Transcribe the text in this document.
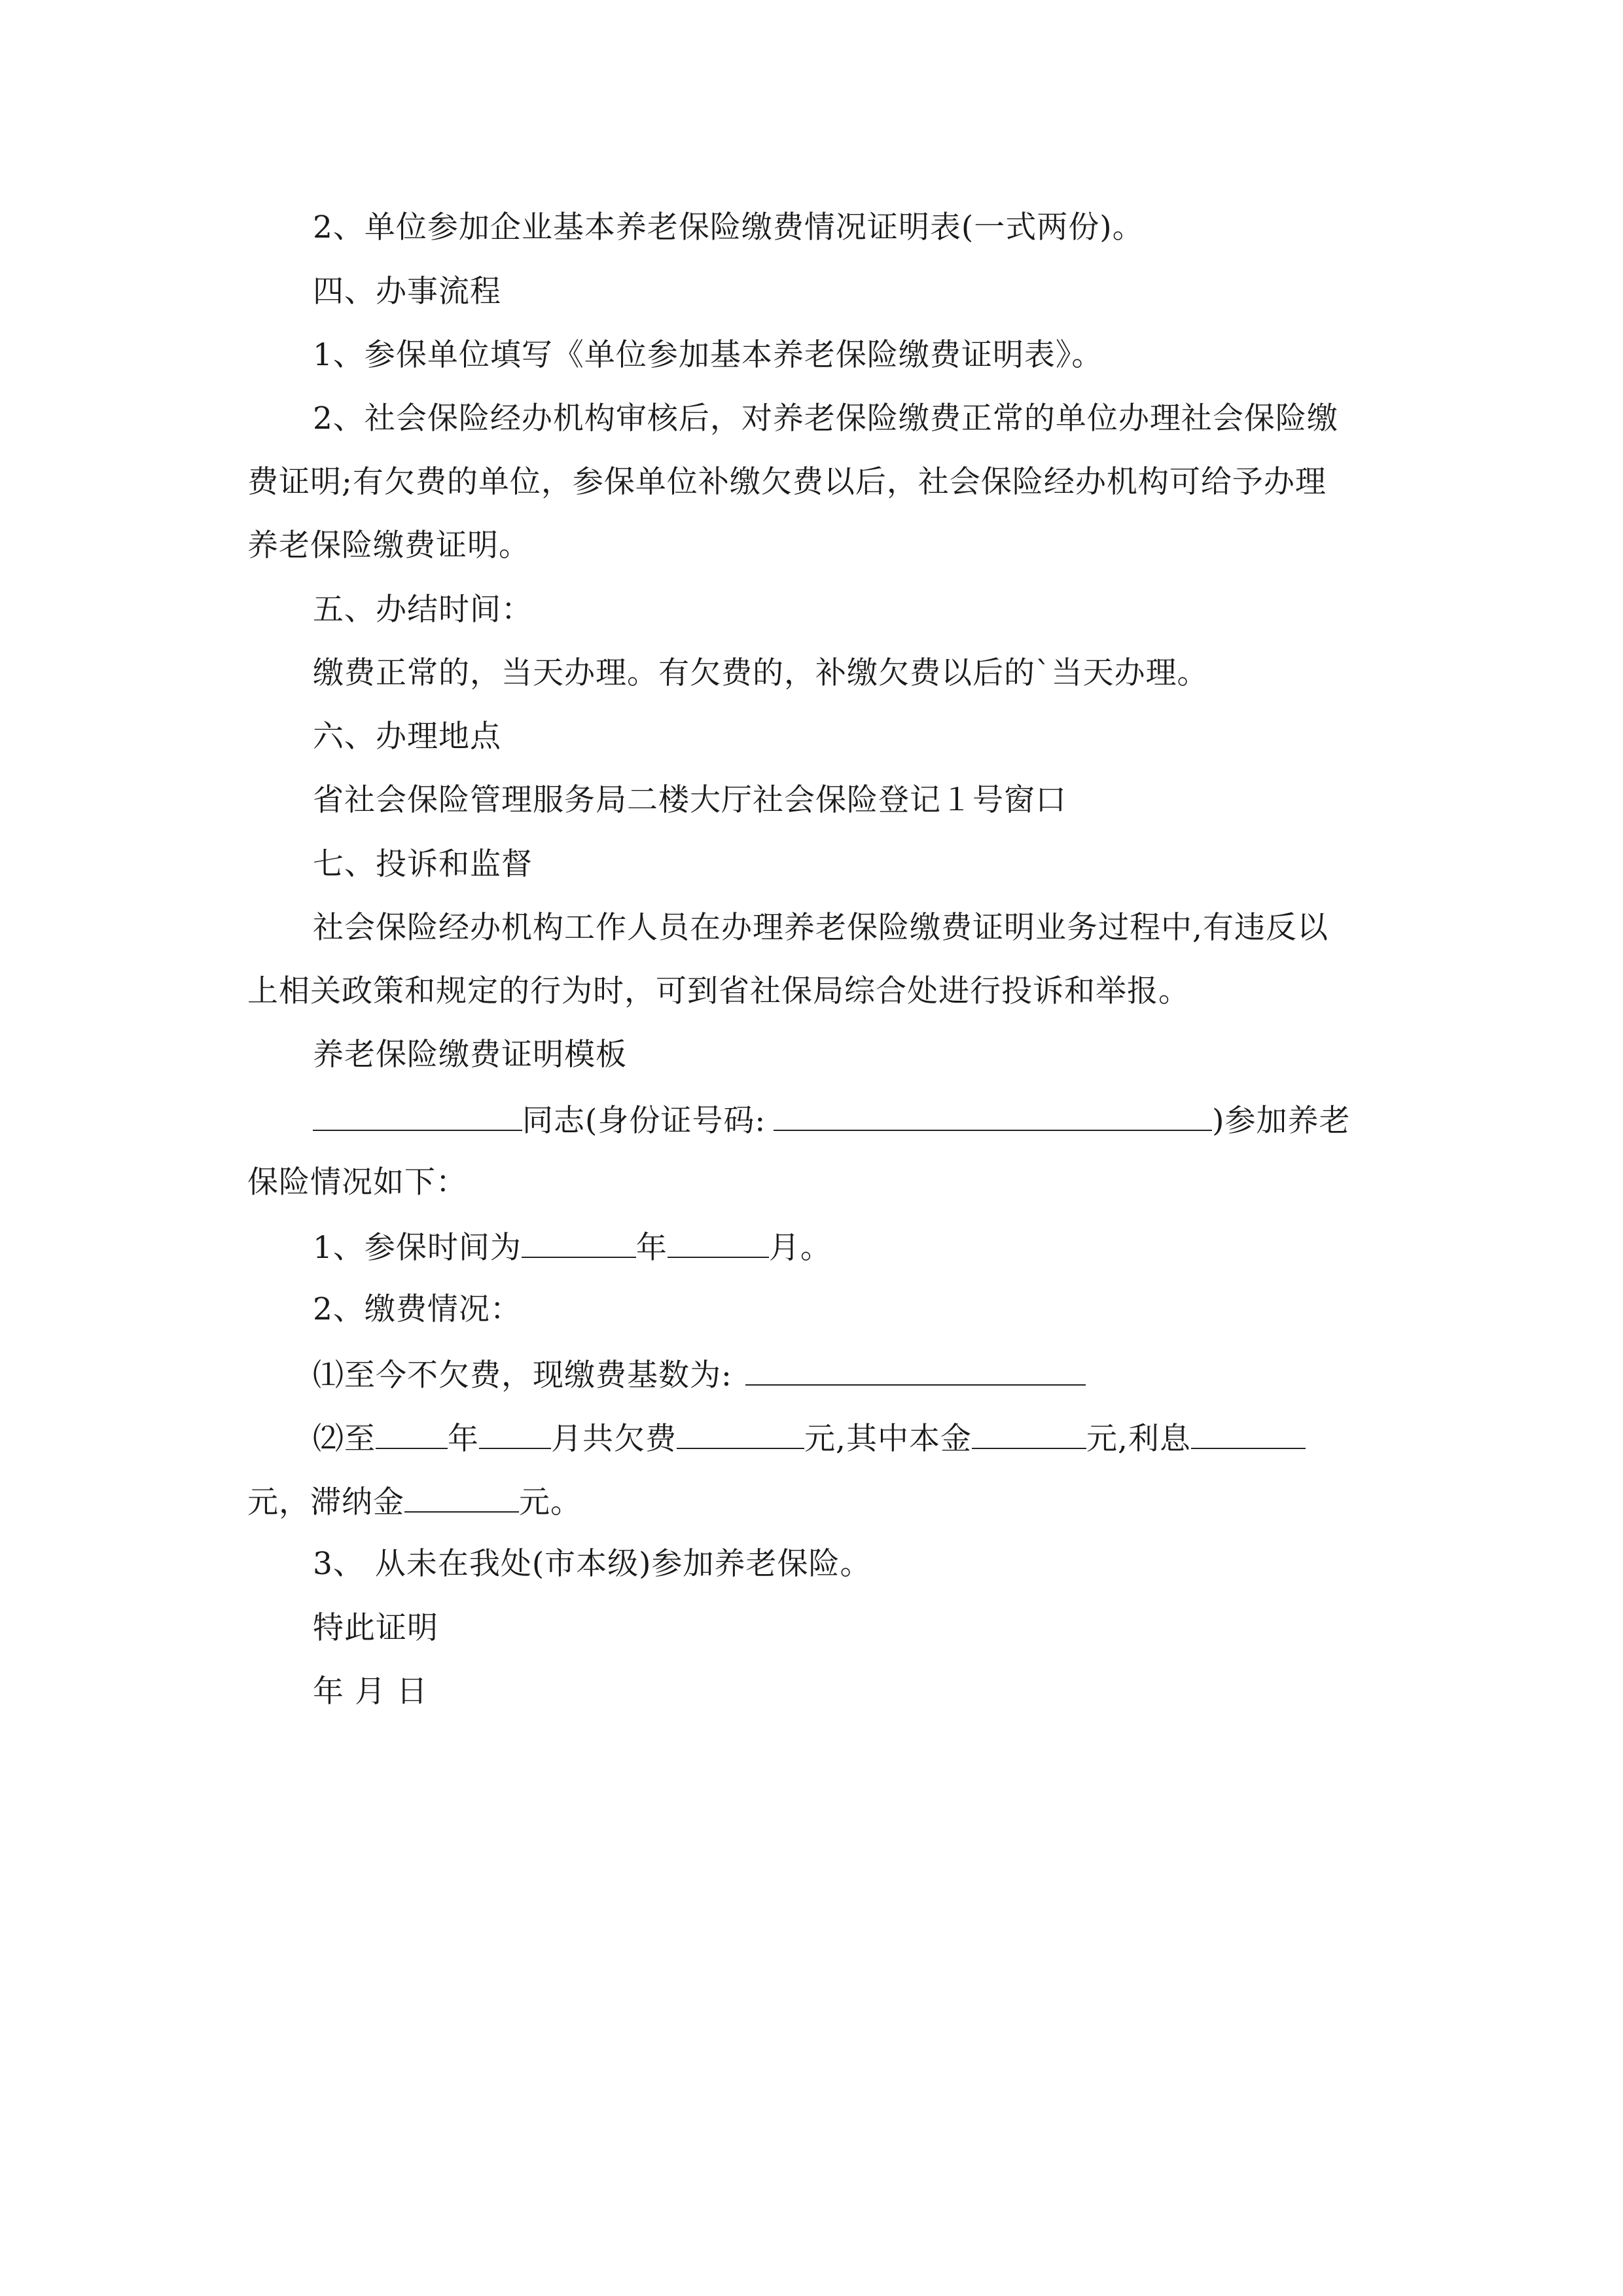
2、单位参加企业基本养老保险缴费情况证明表(一式两份)。
四、办事流程
1、参保单位填写《单位参加基本养老保险缴费证明表》。
2、社会保险经办机构审核后，对养老保险缴费正常的单位办理社会保险缴
费证明;有欠费的单位，参保单位补缴欠费以后，社会保险经办机构可给予办理
养老保险缴费证明。
五、办结时间：
缴费正常的，当天办理。有欠费的，补缴欠费以后的`当天办理。
六、办理地点
省社会保险管理服务局二楼大厅社会保险登记１号窗口
七、投诉和监督
社会保险经办机构工作人员在办理养老保险缴费证明业务过程中,有违反以
上相关政策和规定的行为时，可到省社保局综合处进行投诉和举报。
养老保险缴费证明模板
同志(身份证号码:	)参加养老
保险情况如下：
1、参保时间为	年	月。
2、缴费情况：
⑴至今不欠费，现缴费基数为:
⑵至 年 月共欠费	元,其中本金	元,利息
元，滞纳金	元。
3、 从未在我处(市本级)参加养老保险。
特此证明
年 月 日
